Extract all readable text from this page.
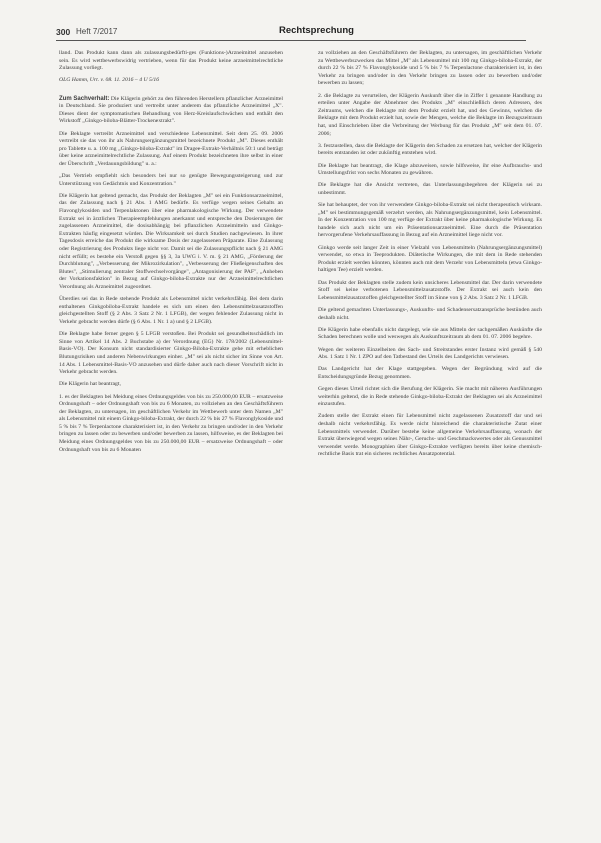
300 Heft 7/2017	Rechtsprechung

lland. Das Produkt kann dann als zulassungsbedürfti-ges (Funktions-)Arzneimittel anzusehen sein. Es wird wettbewerbswidrig vertrieben, wenn für das Produkt keine arzneimittelrechtliche Zulassung vorliegt.

OLG Hamm, Urt. v. 08. 11. 2016 – 4 U 5/16

Zum Sachverhalt: Die Klägerin gehört zu den führenden Herstellern pflanzlicher Arzneimittel in Deutschland. Sie produziert und vertreibt unter anderem das pflanzliche Arzneimittel „X". Dieses dient der symptomatischen Behandlung von Herz-Kreislaufschwächen und enthält den Wirkstoff „Ginkgo-biloba-Blätter-Trockenextrakt".

Die Beklagte vertreibt Arzneimittel und verschiedene Lebensmittel. Seit dem 25. 09. 2006 vertreibt sie das von ihr als Nahrungsergänzungsmittel bezeichnete Produkt „M". Dieses enthält pro Tablette u. a. 100 mg „Ginkgo-biloba-Extrakt" im Dragee-Extrakt-Verhältnis 50:1 und beträgt über keine arzneimittelrechtliche Zulassung. Auf einem Produkt bezeichneten ihre selbst in einer der Überschrift „Verdauungsbildung" u. a.:

„Das Vertrieb empfiehlt sich besonders bei nur so genügte Bewegungssteigerung und zur Unterstützung von Gedächtnis und Konzentration."

Die Klägerin hat geltend gemacht, das Produkt der Beklagten „M" sei ein Funktionsarzneimittel, das der Zulassung nach § 21 Abs. 1 AMG bedürfe. Es verfüge wegen seines Gehalts an Flavonglykosiden und Terpenlaktonen über eine pharmakologische Wirkung. Der verwendete Extrakt sei in ärztlichen Therapieempfehlungen anerkannt und entspreche den Dosierungen der zugelassenen Arzneimittel, die dosisabhängig bei pflanzlichen Arzneimitteln und Ginkgo-Extrakten häufig eingesetzt würden. Die Wirksamkeit sei durch Studien nachgewiesen. In ihrer Tagesdosis erreiche das Produkt die wirksame Dosis der zugelassenen Präparate. Eine Zulassung oder Registrierung des Produkts liege nicht vor. Damit sei die Zulassungspflicht nach § 21 AMG nicht erfüllt; es bestehe ein Verstoß gegen §§ 3, 3a UWG i. V. m. § 21 AMG, „Förderung der Durchblutung", „Verbesserung der Mikrozirkulation", „Verbesserung der Fließeigenschaften des Blutes", „Stimulierung zentraler Stoffwechselvorgänge", „Antagonisierung der PAF", „Anheben der Vorkationsfaktion" in Bezug auf Ginkgo-biloba-Extrakte nur der Arzneimittelrechtlichen Verordnung als Arzneimittel zugeordnet.

Überdies sei das in Rede stehende Produkt als Lebensmittel nicht verkehrsfähig. Bei dem darin enthaltenen Ginkgobiloba-Extrakt handele es sich um einen den Lebensmittelzusatzstoffen gleichgestellten Stoff (§ 2 Abs. 3 Satz 2 Nr. 1 LFGB), der wegen fehlender Zulassung nicht in Verkehr gebracht werden dürfe (§ 6 Abs. 1 Nr. 1 a) und § 2 LFGB).

Die Beklagte habe ferner gegen § 5 LFGB verstoßen. Bei Produkt sei gesundheitsschädlich im Sinne von Artikel 14 Abs. 2 Buchstabe a) der Verordnung (EG) Nr. 178/2002 (Lebensmittel-Basis-VO). Der Konsum nicht standardisierter Ginkgo-Biloba-Extrakte gehe mit erheblichen Blutungsrisiken und anderen Nebenwirkungen einher. „M" sei als nicht sicher im Sinne von Art. 14 Abs. 1 Lebensmittel-Basis-VO anzusehen und dürfe daher auch nach dieser Vorschrift nicht in Verkehr gebracht werden.

Die Klägerin hat beantragt,

1. es der Beklagten bei Meidung eines Ordnungsgeldes von bis zu 250.000,00 EUR – ersatzweise Ordnungshaft – oder Ordnungshaft von bis zu 6 Monaten, zu vollziehen an den Geschäftsführern der Beklagten, zu untersagen, im geschäftlichen Verkehr im Wettbewerb unter dem Namen „M" als Lebensmittel mit einem Ginkgo-biloba-Extrakt, der durch 22 % bis 27 % Flavonglykoside und 5 % bis 7 % Terpenlactone charakterisiert ist, in den Verkehr zu bringen und/oder in den Verkehr bringen zu lassen oder zu bewerben und/oder bewerben zu lassen, hilfsweise, es der Beklagten bei Meidung eines Ordnungsgeldes von bis zu 250.000,00 EUR – ersatzweise Ordnungshaft – oder Ordnungshaft von bis zu 6 Monaten

zu vollziehen an den Geschäftsführern der Beklagten, zu untersagen, im geschäftlichen Verkehr zu Wettbewerbszwecken das Mittel „M" als Lebensmittel mit 100 mg Ginkgo-biloba-Extrakt, der durch 22 % bis 27 % Flavonglykoside und 5 % bis 7 % Terpenlactone charakterisiert ist, in den Verkehr zu bringen und/oder in den Verkehr bringen zu lassen oder zu bewerben und/oder bewerben zu lassen;

2. die Beklagte zu verurteilen, der Klägerin Auskunft über die in Ziffer 1 genannte Handlung zu erteilen unter Angabe der Abnehmer des Produkts „M" einschließlich deren Adressen, des Zeitraums, welchen die Beklagte mit dem Produkt erzielt hat, und des Gewinns, welchen die Beklagte mit dem Produkt erzielt hat, sowie der Mengen, welche die Beklagte im Bezugszeitraum hat, und Einschrieben über die Verbreitung der Werbung für das Produkt „M" seit dem 01. 07. 2006;

3. festzustellen, dass die Beklagte der Klägerin den Schaden zu ersetzen hat, welcher der Klägerin bereits entstanden ist oder zukünftig entstehen wird.

Die Beklagte hat beantragt, die Klage abzuweisen, sowie hilfsweise, ihr eine Aufbrauchs- und Umstellungsfrist von sechs Monaten zu gewähren.

Die Beklagte hat die Ansicht vertreten, das Unterlassungsbegehren der Klägerin sei zu unbestimmt.

Sie hat behauptet, der von ihr verwendete Ginkgo-biloba-Extrakt sei nicht therapeutisch wirksam. „M" sei bestimmungsgemäß verzehrt werden, als Nahrungsergänzungsmittel, kein Lebensmittel. In der Konzentration von 100 mg verfüge der Extrakt über keine pharmakologische Wirkung. Es handele sich auch nicht um ein Präsentationsarzneimittel. Eine durch die Präsentation hervorgerufene Verkehrsauffassung in Bezug auf ein Arzneimittel liege nicht vor.

Ginkgo werde seit langer Zeit in einer Vielzahl von Lebensmitteln (Nahrungsergänzungsmittel) verwendet, so etwa in Teeprodukten. Diätetische Wirkungen, die mit dem in Rede stehenden Produkt erzielt werden könnten, könnten auch mit dem Verzehr von Lebensmitteln (etwa Ginkgo-haltigen Tee) erzielt werden.

Das Produkt der Beklagten stelle zudem kein unsicheres Lebensmittel dar. Der darin verwendete Stoff sei keine verbotenen Lebensmittelzusatzstoffe. Der Extrakt sei auch kein den Lebensmittelzusatzstoffen gleichgestellter Stoff im Sinne von § 2 Abs. 3 Satz 2 Nr. 1 LFGB.

Die geltend gemachten Unterlassungs-, Auskunfts- und Schadensersatzansprüche bestünden auch deshalb nicht.

Die Klägerin habe ebenfalls nicht dargelegt, wie sie aus Mitteln der sachgemäßen Auskünfte die Schaden berechnen wolle und weswegen als Auskunftszeitraum ab dem 01. 07. 2006 begehre.

Wegen der weiteren Einzelheiten des Sach- und Streitstandes erster Instanz wird gemäß § 540 Abs. 1 Satz 1 Nr. 1 ZPO auf den Tatbestand des Urteils des Landgerichts verwiesen.

Das Landgericht hat der Klage stattgegeben. Wegen der Begründung wird auf die Entscheidungsgründe Bezug genommen.

Gegen dieses Urteil richtet sich die Berufung der Klägerin. Sie macht mit näheren Ausführungen weiterhin geltend, die in Rede stehende Ginkgo-biloba-Extrakt der Beklagten sei als Arzneimittel einzustufen.

Zudem stelle der Extrakt einen für Lebensmittel nicht zugelassenen Zusatzstoff dar und sei deshalb nicht verkehrsfähig. Es werde nicht hinreichend die charakteristische Zutat einer Lebensmittels verwendet. Darüber bestehe keine allgemeine Verkehrsauffassung, wonach der Extrakt überwiegend wegen seines Nähr-, Geruchs- und Geschmackswertes oder als Genussmittel verwendet werde. Monographien über Ginkgo-Extrakte verfügten bereits über keine chemisch-rechtliche Basis trat ein sicheres rechtliches Ansatzpotential.
